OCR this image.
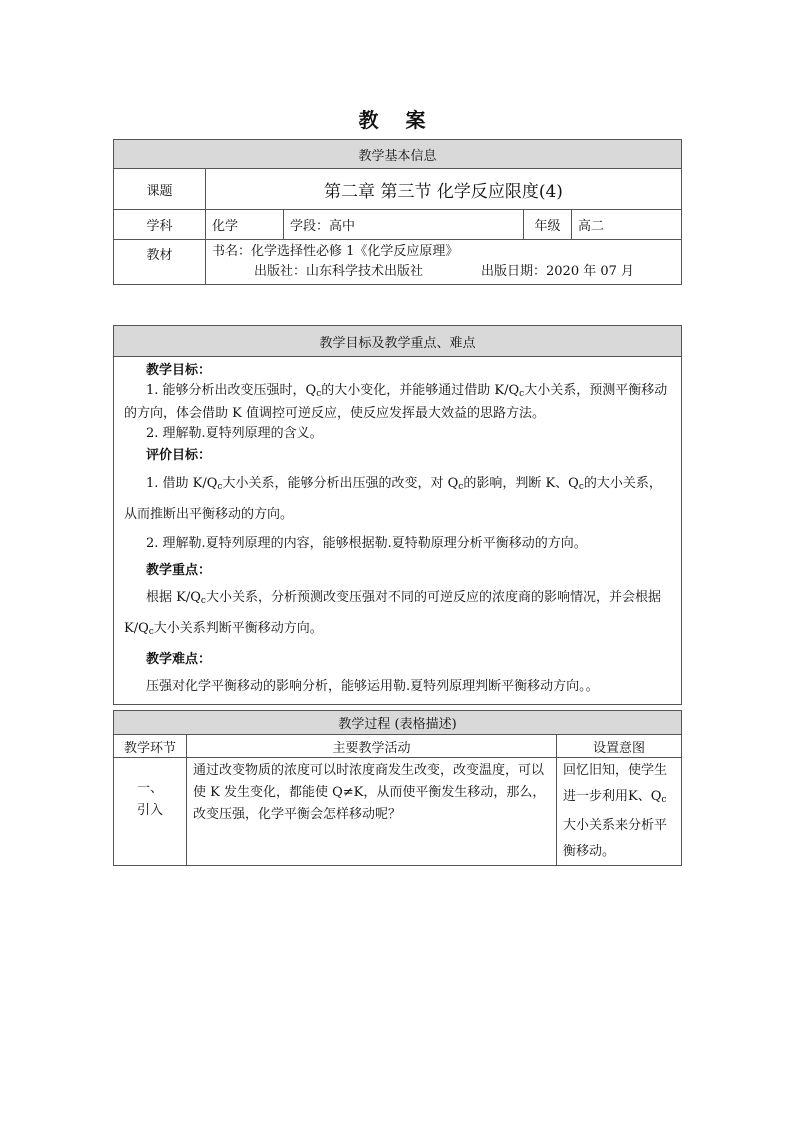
教 案
教学基本信息				
课题	第二章 第三节 化学反应限度(4)			
学科	化学	学段：高中	年级	高二
教材	书名：化学选择性必修 1《化学反应原理》
出版社：山东科学技术出版社 出版日期：2020 年 07 月			
教学目标及教学重点、难点

教学目标：
1. 能够分析出改变压强时，$Q_c$的大小变化，并能够通过借助 $K/Q_c$大小关系，预测平衡移动的方向，体会借助 K 值调控可逆反应，使反应发挥最大效益的思路方法。
2. 理解勒.夏特列原理的含义。
评价目标：
1. 借助 $K/Q_c$大小关系，能够分析出压强的改变，对 $Q_c$的影响，判断 K、$Q_c$的大小关系，从而推断出平衡移动的方向。
2. 理解勒.夏特列原理的内容，能够根据勒.夏特勒原理分析平衡移动的方向。
教学重点：
根据 $K/Q_c$大小关系，分析预测改变压强对不同的可逆反应的浓度商的影响情况，并会根据 $K/Q_c$大小关系判断平衡移动方向。
教学难点：
压强对化学平衡移动的影响分析，能够运用勒.夏特列原理判断平衡移动方向。。
教学过程 (表格描述)		
教学环节	主要教学活动	设置意图

一、
引入	通过改变物质的浓度可以时浓度商发生改变，改变温度，可以使 K 发生变化，都能使 Q≠K，从而使平衡发生移动，那么，改变压强，化学平衡会怎样移动呢？	回忆旧知，使学生进一步利用K、$Q_c$大小关系来分析平衡移动。
